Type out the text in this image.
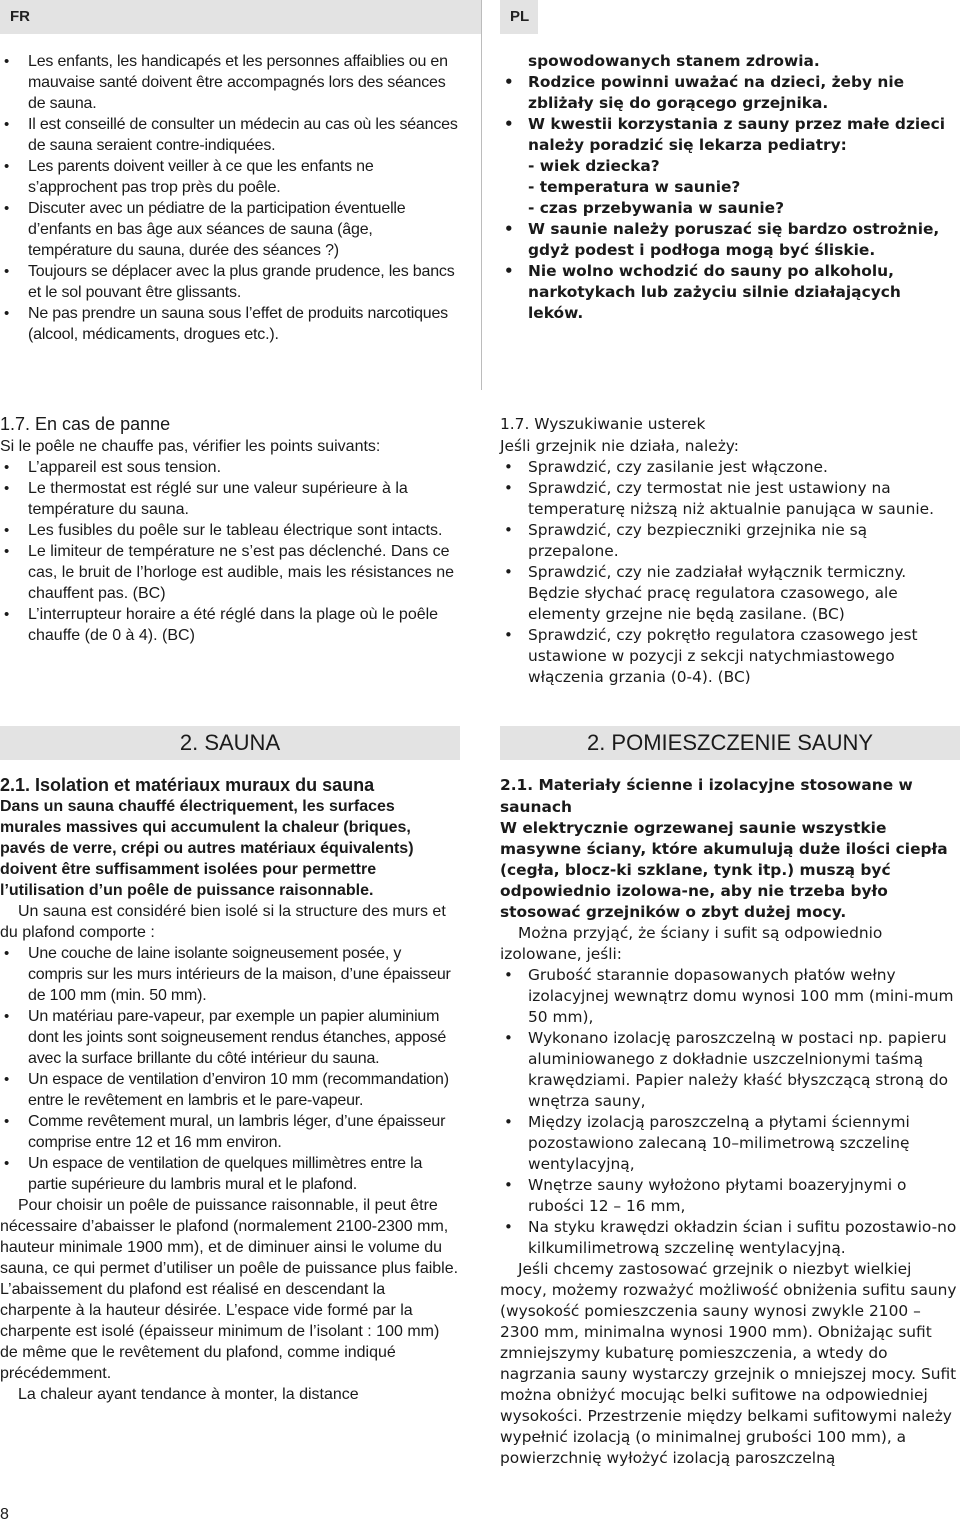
FR	PL
• Les enfants, les handicapés et les personnes affaiblies ou en mauvaise santé doivent être accompagnés lors des séances de sauna.
• Il est conseillé de consulter un médecin au cas où les séances de sauna seraient contre-indiquées.
• Les parents doivent veiller à ce que les enfants ne s’approchent pas trop près du poêle.
• Discuter avec un pédiatre de la participation éventuelle d’enfants en bas âge aux séances de sauna (âge, température du sauna, durée des séances ?)
• Toujours se déplacer avec la plus grande prudence, les bancs et le sol pouvant être glissants.
• Ne pas prendre un sauna sous l’effet de produits narcotiques (alcool, médicaments, drogues etc.).

spowodowanych stanem zdrowia.

• Rodzice powinni uważać na dzieci, żeby nie zbliżały się do gorącego grzejnika.
• W kwestii korzystania z sauny przez małe dzieci należy poradzić się lekarza pediatry:

- wiek dziecka?

- temperatura w saunie?

- czas przebywania w saunie?

• W saunie należy poruszać się bardzo ostrożnie, gdyż podest i podłoga mogą być śliskie.
• Nie wolno wchodzić do sauny po alkoholu, narkotykach lub zażyciu silnie działających leków.

1.7. En cas de panne

Si le poêle ne chauffe pas, vérifier les points suivants:

• L’appareil est sous tension.
• Le thermostat est réglé sur une valeur supérieure à la température du sauna.
• Les fusibles du poêle sur le tableau électrique sont intacts.
• Le limiteur de température ne s’est pas déclenché. Dans ce cas, le bruit de l’horloge est audible, mais les résistances ne chauffent pas. (BC)
• L’interrupteur horaire a été réglé dans la plage où le poêle chauffe (de 0 à 4). (BC)

1.7. Wyszukiwanie usterek

Jeśli grzejnik nie działa, należy:

• Sprawdzić, czy zasilanie jest włączone.
• Sprawdzić, czy termostat nie jest ustawiony na temperaturę niższą niż aktualnie panująca w saunie.
• Sprawdzić, czy bezpieczniki grzejnika nie są przepalone.
• Sprawdzić, czy nie zadziałał wyłącznik termiczny. Będzie słychać pracę regulatora czasowego, ale elementy grzejne nie będą zasilane. (BC)
• Sprawdzić, czy pokrętło regulatora czasowego jest ustawione w pozycji z sekcji natychmiastowego włączenia grzania (0-4). (BC)
2. SAUNA	2. POMIESZCZENIE SAUNY

2.1. Isolation et matériaux muraux du sauna

Dans un sauna chauffé électriquement, les surfaces murales massives qui accumulent la chaleur (briques, pavés de verre, crépi ou autres matériaux équivalents) doivent être suffisamment isolées pour permettre l’utilisation d’un poêle de puissance raisonnable.

Un sauna est considéré bien isolé si la structure des murs et du plafond comporte :

• Une couche de laine isolante soigneusement posée, y compris sur les murs intérieurs de la maison, d’une épaisseur de 100 mm (min. 50 mm).
• Un matériau pare-vapeur, par exemple un papier aluminium dont les joints sont soigneusement rendus étanches, apposé avec la surface brillante du côté intérieur du sauna.
• Un espace de ventilation d’environ 10 mm (recommandation) entre le revêtement en lambris et le pare-vapeur.
• Comme revêtement mural, un lambris léger, d’une épaisseur comprise entre 12 et 16 mm environ.
• Un espace de ventilation de quelques millimètres entre la partie supérieure du lambris mural et le plafond.

Pour choisir un poêle de puissance raisonnable, il peut être nécessaire d’abaisser le plafond (normalement 2100-2300 mm, hauteur minimale 1900 mm), et de diminuer ainsi le volume du sauna, ce qui permet d’utiliser un poêle de puissance plus faible. L’abaissement du plafond est réalisé en descendant la charpente à la hauteur désirée. L’espace vide formé par la charpente est isolé (épaisseur minimum de l’isolant : 100 mm) de même que le revêtement du plafond, comme indiqué précédemment.

La chaleur ayant tendance à monter, la distance

2.1. Materiały ścienne i izolacyjne stosowane w saunach

W elektrycznie ogrzewanej saunie wszystkie masywne ściany, które akumulują duże ilości ciepła (cegła, blocz-ki szklane, tynk itp.) muszą być odpowiednio izolowa-ne, aby nie trzeba było stosować grzejników o zbyt dużej mocy.

Można przyjąć, że ściany i sufit są odpowiednio izolowane, jeśli:

• Grubość starannie dopasowanych płatów wełny izolacyjnej wewnątrz domu wynosi 100 mm (mini-mum 50 mm),
• Wykonano izolację paroszczelną w postaci np. papieru aluminiowanego z dokładnie uszczelnionymi taśmą krawędziami. Papier należy kłaść błyszczącą stroną do wnętrza sauny,
• Między izolacją paroszczelną a płytami ściennymi pozostawiono zalecaną 10–milimetrową szczelinę wentylacyjną,
• Wnętrze sauny wyłożono płytami boazeryjnymi o rubości 12 – 16 mm,
• Na styku krawędzi okładzin ścian i sufitu pozostawio-no kilkumilimetrową szczelinę wentylacyjną.

Jeśli chcemy zastosować grzejnik o niezbyt wielkiej mocy, możemy rozważyć możliwość obniżenia sufitu sauny (wysokość pomieszczenia sauny wynosi zwykle 2100 – 2300 mm, minimalna wynosi 1900 mm). Obniżając sufit zmniejszymy kubaturę pomieszczenia, a wtedy do nagrzania sauny wystarczy grzejnik o mniejszej mocy. Sufit można obniżyć mocując belki sufitowe na odpowiedniej wysokości. Przestrzenie między belkami sufitowymi należy wypełnić izolacją (o minimalnej grubości 100 mm), a powierzchnię wyłożyć izolacją paroszczelną

8
